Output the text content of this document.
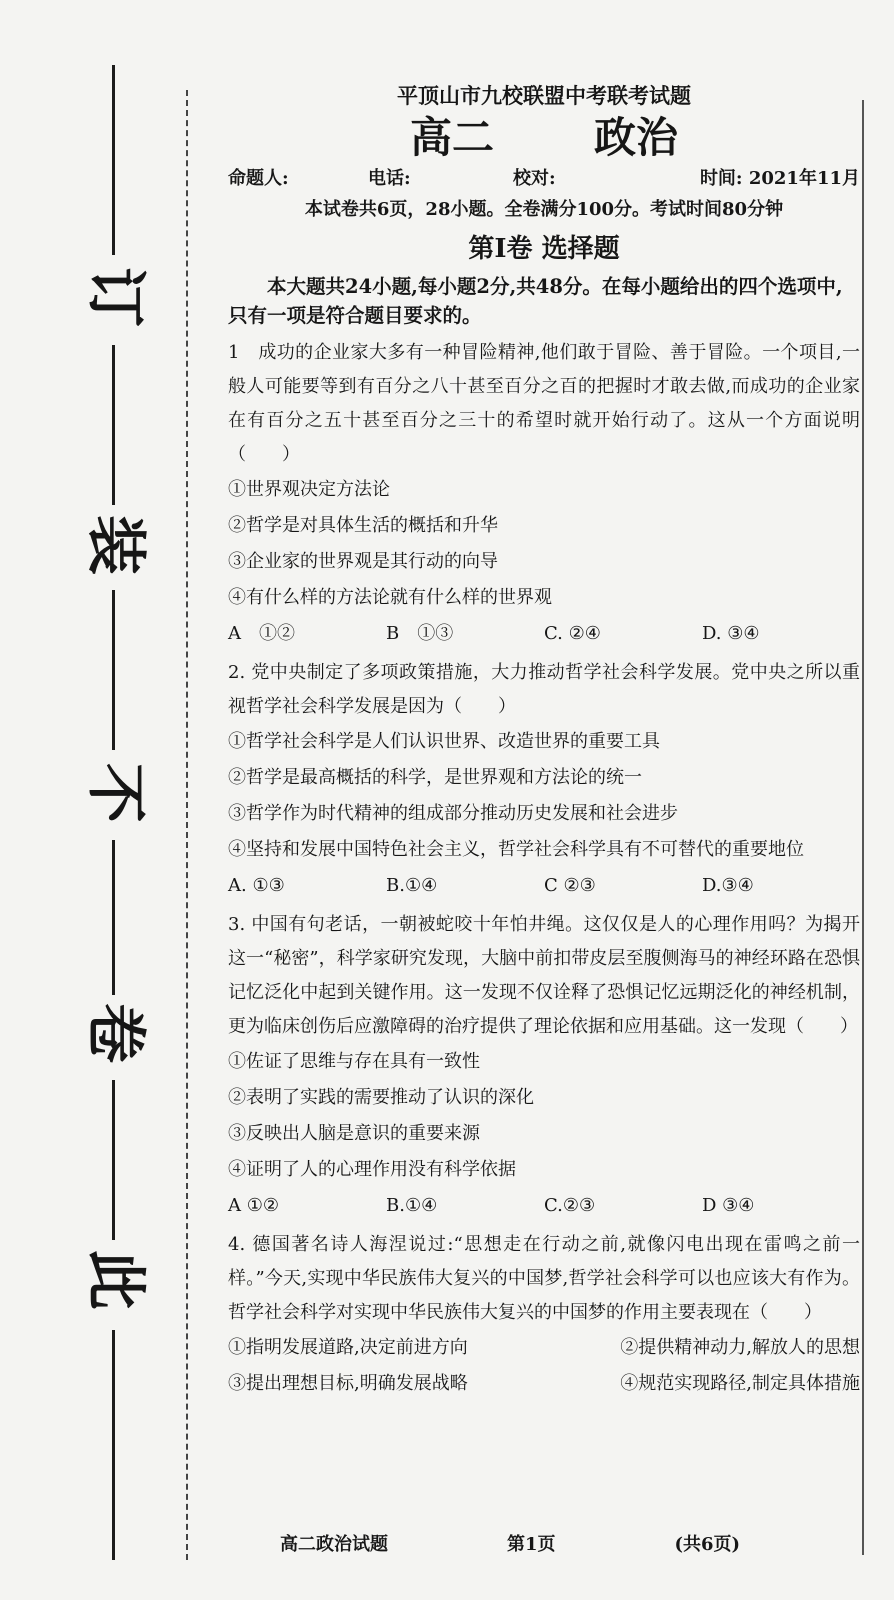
订
装
不
卷
此
平顶山市九校联盟中考联考试题
高二 政治
命题人:	电话:	校对:	时间: 2021年11月
本试卷共6页，28小题。全卷满分100分。考试时间80分钟
第I卷 选择题
本大题共24小题,每小题2分,共48分。在每小题给出的四个选项中,只有一项是符合题目要求的。
1　成功的企业家大多有一种冒险精神,他们敢于冒险、善于冒险。一个项目,一般人可能要等到有百分之八十甚至百分之百的把握时才敢去做,而成功的企业家在有百分之五十甚至百分之三十的希望时就开始行动了。这从一个方面说明（　　）
①世界观决定方法论
②哲学是对具体生活的概括和升华
③企业家的世界观是其行动的向导
④有什么样的方法论就有什么样的世界观
A　①②	B　①③	C. ②④	D. ③④
2. 党中央制定了多项政策措施，大力推动哲学社会科学发展。党中央之所以重视哲学社会科学发展是因为（　　）
①哲学社会科学是人们认识世界、改造世界的重要工具
②哲学是最高概括的科学，是世界观和方法论的统一
③哲学作为时代精神的组成部分推动历史发展和社会进步
④坚持和发展中国特色社会主义，哲学社会科学具有不可替代的重要地位
A. ①③	B.①④	C ②③	D.③④
3. 中国有句老话，一朝被蛇咬十年怕井绳。这仅仅是人的心理作用吗？为揭开这一“秘密”，科学家研究发现，大脑中前扣带皮层至腹侧海马的神经环路在恐惧记忆泛化中起到关键作用。这一发现不仅诠释了恐惧记忆远期泛化的神经机制，更为临床创伤后应激障碍的治疗提供了理论依据和应用基础。这一发现（　　）
①佐证了思维与存在具有一致性
②表明了实践的需要推动了认识的深化
③反映出人脑是意识的重要来源
④证明了人的心理作用没有科学依据
A ①②	B.①④	C.②③	D ③④
4. 德国著名诗人海涅说过:“思想走在行动之前,就像闪电出现在雷鸣之前一样。”今天,实现中华民族伟大复兴的中国梦,哲学社会科学可以也应该大有作为。哲学社会科学对实现中华民族伟大复兴的中国梦的作用主要表现在（　　）
①指明发展道路,决定前进方向	②提供精神动力,解放人的思想
③提出理想目标,明确发展战略	④规范实现路径,制定具体措施
高二政治试题	第1页	(共6页)
